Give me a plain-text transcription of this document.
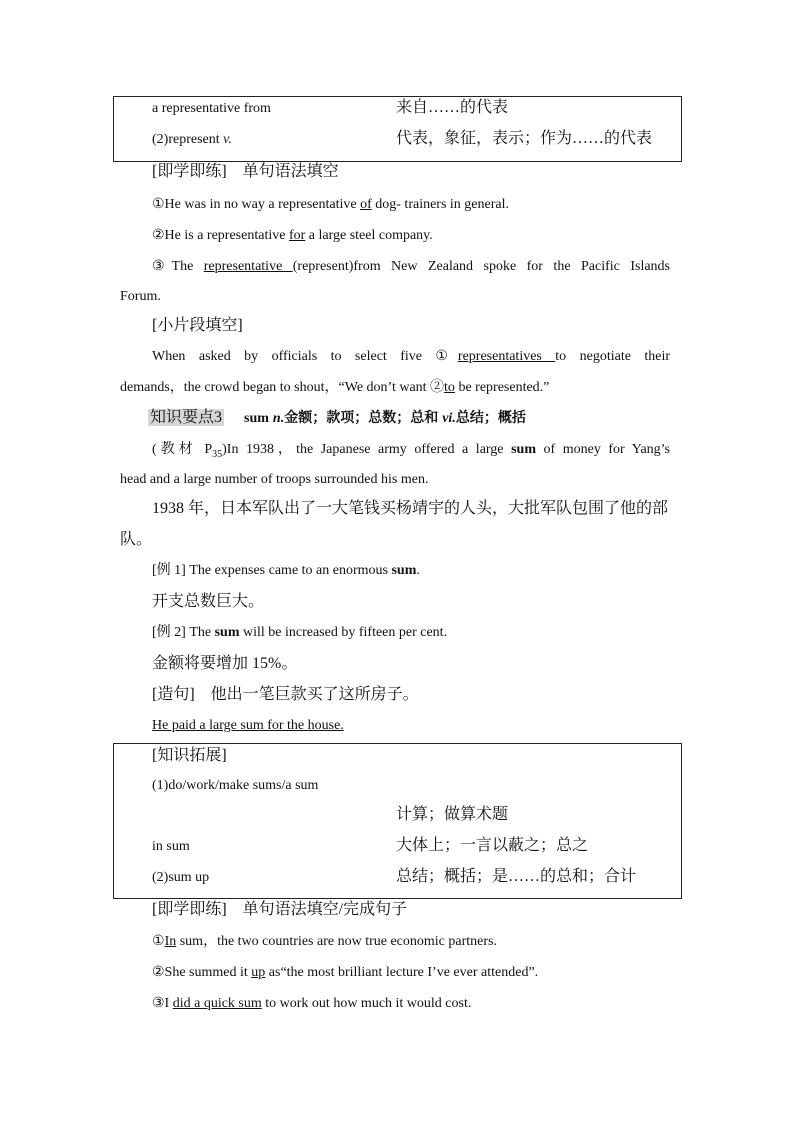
a representative from	来自……的代表
(2)represent v.	代表，象征，表示；作为……的代表
[即学即练]　单句语法填空
①He was in no way a representative of dog- trainers in general.
②He is a representative for a large steel company.
③The representative (represent)from New Zealand spoke for the Pacific Islands
Forum.
[小片段填空]
When asked by officials to select five ①representatives to negotiate their
demands，the crowd began to shout，“We don’t want ②to be represented.”
知识要点3 sum n.金额；款项；总数；总和 vi.总结；概括
(教材 $P_{35})In$ 1938，the Japanese army offered a large sum of money for Yang’s
head and a large number of troops surrounded his men.
1938 年，日本军队出了一大笔钱买杨靖宇的人头，大批军队包围了他的部
队。
[例 1] The expenses came to an enormous sum.
开支总数巨大。
[例 2] The sum will be increased by fifteen per cent.
金额将要增加 15%。
[造句]　他出一笔巨款买了这所房子。
He paid a large sum for the house.
[知识拓展]
(1)do/work/make sums/a sum
计算；做算术题
in sum	大体上；一言以蔽之；总之
(2)sum up	总结；概括；是……的总和；合计
[即学即练]　单句语法填空/完成句子
①In sum，the two countries are now true economic partners.
②She summed it up as“the most brilliant lecture I’ve ever attended”.
③I did a quick sum to work out how much it would cost.
